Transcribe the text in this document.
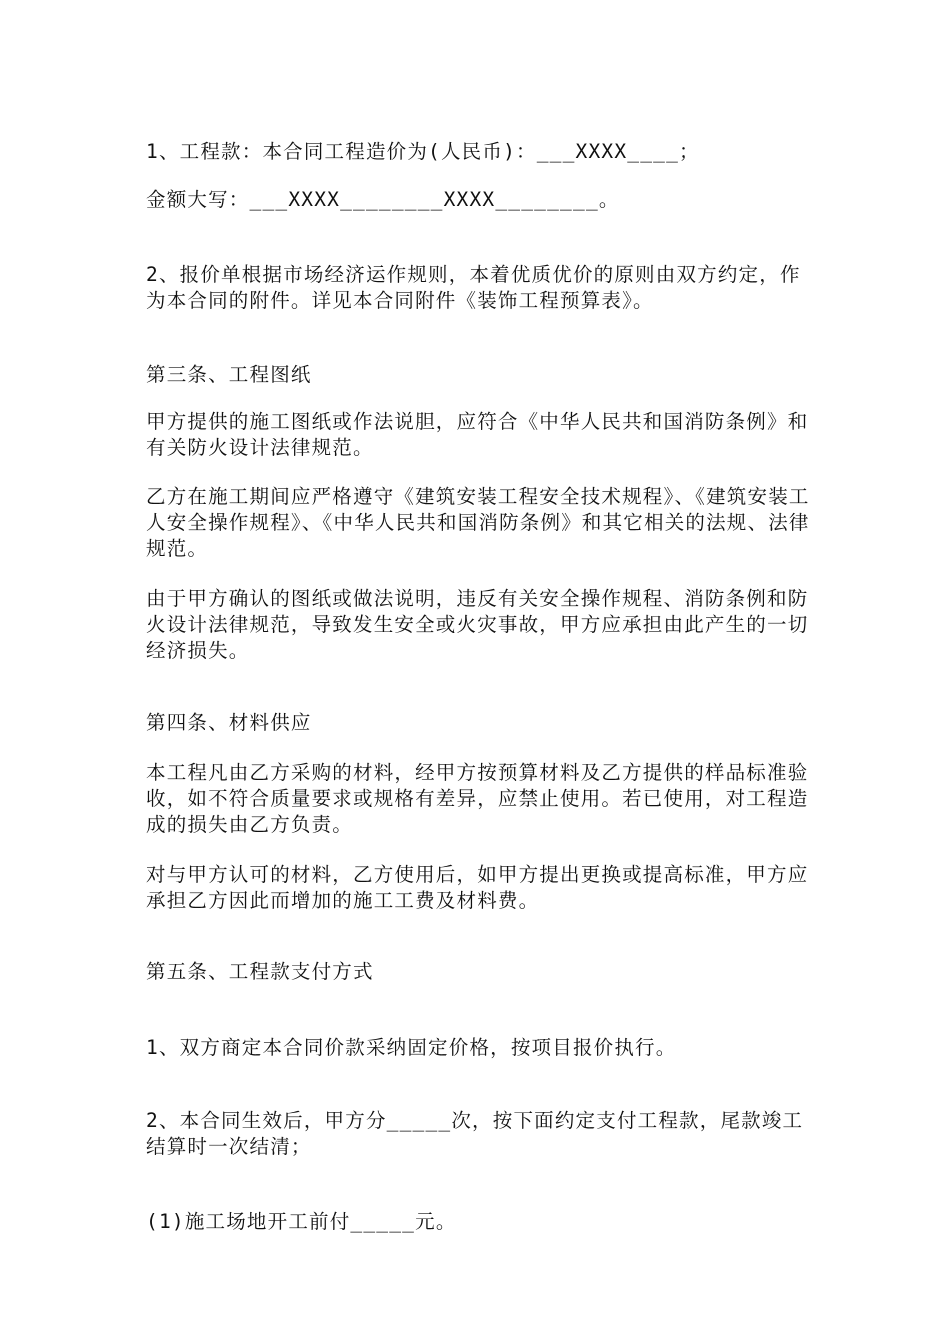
1、工程款：本合同工程造价为(人民币)：___XXXX____；
金额大写：___XXXX________XXXX________。
2、报价单根据市场经济运作规则，本着优质优价的原则由双方约定，作为本合同的附件。详见本合同附件《装饰工程预算表》。
第三条、工程图纸
甲方提供的施工图纸或作法说胆，应符合《中华人民共和国消防条例》和有关防火设计法律规范。
乙方在施工期间应严格遵守《建筑安装工程安全技术规程》、《建筑安装工人安全操作规程》、《中华人民共和国消防条例》和其它相关的法规、法律规范。
由于甲方确认的图纸或做法说明，违反有关安全操作规程、消防条例和防火设计法律规范，导致发生安全或火灾事故，甲方应承担由此产生的一切经济损失。
第四条、材料供应
本工程凡由乙方采购的材料，经甲方按预算材料及乙方提供的样品标准验收，如不符合质量要求或规格有差异，应禁止使用。若已使用，对工程造成的损失由乙方负责。
对与甲方认可的材料，乙方使用后，如甲方提出更换或提高标准，甲方应承担乙方因此而增加的施工工费及材料费。
第五条、工程款支付方式
1、双方商定本合同价款采纳固定价格，按项目报价执行。
2、本合同生效后，甲方分_____次，按下面约定支付工程款，尾款竣工结算时一次结清；
(1)施工场地开工前付_____元。
